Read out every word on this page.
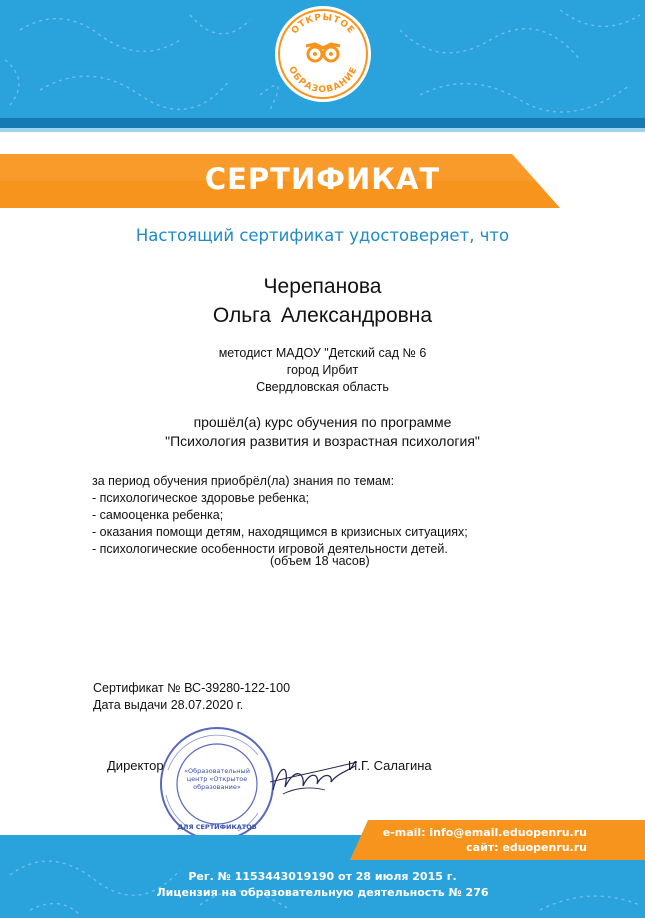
ОТКРЫТОЕ
ОБРАЗОВАНИЕ
СЕРТИФИКАТ
Настоящий сертификат удостоверяет, что
Черепанова
Ольга Александровна
методист МАДОУ "Детский сад № 6
город Ирбит
Свердловская область
прошёл(а) курс обучения по программе
"Психология развития и возрастная психология"
за период обучения приобрёл(ла) знания по темам:
- психологическое здоровье ребенка;
- самооценка ребенка;
- оказания помощи детям, находящимся в кризисных ситуациях;
- психологические особенности игровой деятельности детей.
(объем 18 часов)
Сертификат № ВС-39280-122-100
Дата выдачи 28.07.2020 г.
ДЛЯ СЕРТИФИКАТОВ
«Образовательный центр «Открытое образование»
Директор	И.Г. Салагина
e-mail: info@email.eduopenru.ru
сайт: eduopenru.ru
Рег. № 1153443019190 от 28 июля 2015 г.
Лицензия на образовательную деятельность № 276
